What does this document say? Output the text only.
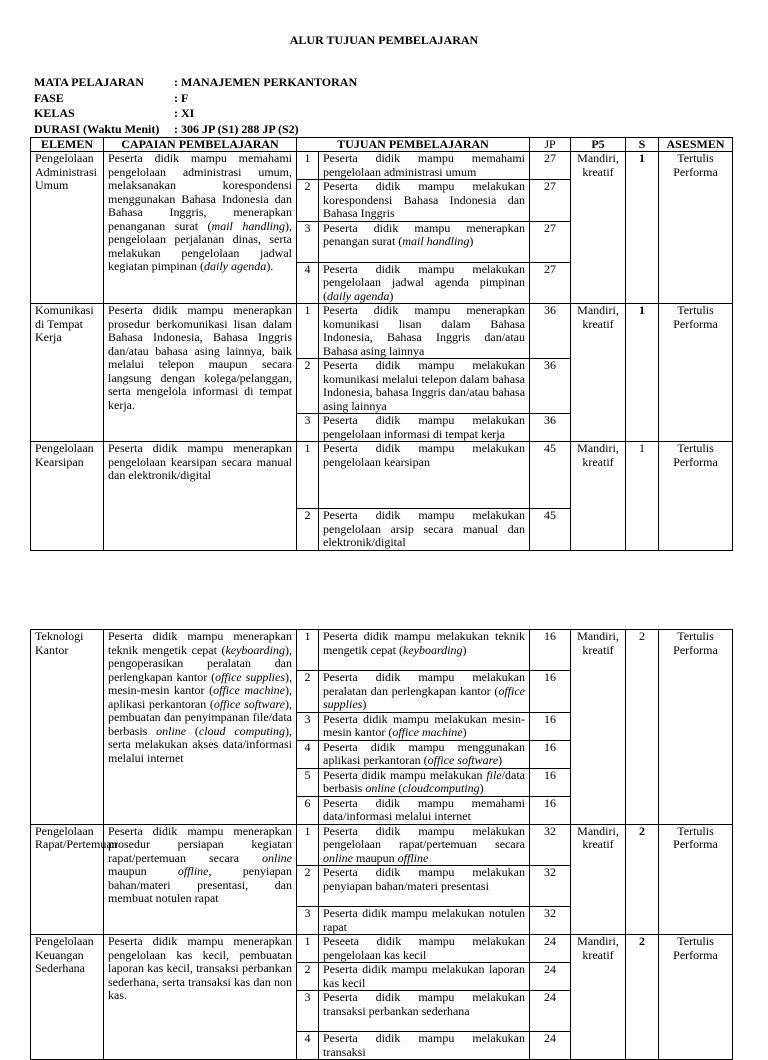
ALUR TUJUAN PEMBELAJARAN
MATA PELAJARAN	: MANAJEMEN PERKANTORAN
FASE	: F
KELAS	: XI
DURASI (Waktu Menit)	: 306 JP (S1) 288 JP (S2)
ELEMEN	CAPAIAN PEMBELAJARAN	TUJUAN PEMBELAJARAN		JP	P5	S	ASESMEN
Pengelolaan Administrasi Umum	Peserta didik mampu memahami pengelolaan administrasi umum, melaksanakan korespondensi menggunakan Bahasa Indonesia dan Bahasa Inggris, menerapkan penanganan surat (mail handling), pengelolaan perjalanan dinas, serta melakukan pengelolaan jadwal kegiatan pimpinan (daily agenda).	1	Peserta didik mampu memahami pengelolaan administrasi umum	27	Mandiri, kreatif	1	Tertulis Performa
		2	Peserta didik mampu melakukan korespondensi Bahasa Indonesia dan Bahasa Inggris	27			
		3	Peserta didik mampu menerapkan penangan surat (mail handling)	27			
		4	Peserta didik mampu melakukan pengelolaan jadwal agenda pimpinan (daily agenda)	27			
Komunikasi di Tempat Kerja	Peserta didik mampu menerapkan prosedur berkomunikasi lisan dalam Bahasa Indonesia, Bahasa Inggris dan/atau bahasa asing lainnya, baik melalui telepon maupun secara langsung dengan kolega/pelanggan, serta mengelola informasi di tempat kerja.	1	Peserta didik mampu menerapkan komunikasi lisan dalam Bahasa Indonesia, Bahasa Inggris dan/atau Bahasa asing lainnya	36	Mandiri, kreatif	1	Tertulis Performa
		2	Peserta didik mampu melakukan komunikasi melalui telepon dalam bahasa Indonesia, bahasa Inggris dan/atau bahasa asing lainnya	36			
		3	Peserta didik mampu melakukan pengelolaan informasi di tempat kerja	36			
Pengelolaan Kearsipan	Peserta didik mampu menerapkan pengelolaan kearsipan secara manual dan elektronik/digital	1	Peserta didik mampu melakukan pengelolaan kearsipan	45	Mandiri, kreatif	1	Tertulis Performa
		2	Peserta didik mampu melakukan pengelolaan arsip secara manual dan elektronik/digital	45			
Teknologi Kantor	Peserta didik mampu menerapkan teknik mengetik cepat (keyboarding), pengoperasikan peralatan dan perlengkapan kantor (office supplies), mesin-mesin kantor (office machine), aplikasi perkantoran (office software), pembuatan dan penyimpanan file/data berbasis online (cloud computing), serta melakukan akses data/informasi melalui internet	1	Peserta didik mampu melakukan teknik mengetik cepat (keyboarding)	16	Mandiri, kreatif	2	Tertulis Performa
		2	Peserta didik mampu melakukan peralatan dan perlengkapan kantor (office supplies)	16			
		3	Peserta didik mampu melakukan mesin-mesin kantor (office machine)	16			
		4	Peserta didik mampu menggunakan aplikasi perkantoran (office software)	16			
		5	Peserta didik mampu melakukan file/data berbasis online (cloudcomputing)	16			
		6	Peserta didik mampu memahami data/informasi melalui internet	16			
Pengelolaan Rapat/Pertemuan	Peserta didik mampu menerapkan prosedur persiapan kegiatan rapat/pertemuan secara online maupun offline, penyiapan bahan/materi presentasi, dan membuat notulen rapat	1	Peserta didik mampu melakukan pengelolaan rapat/pertemuan secara online maupun offline	32	Mandiri, kreatif	2	Tertulis Performa
		2	Peserta didik mampu melakukan penyiapan bahan/materi presentasi	32			
		3	Peserta didik mampu melakukan notulen rapat	32			
Pengelolaan Keuangan Sederhana	Peserta didik mampu menerapkan pengelolaan kas kecil, pembuatan laporan kas kecil, transaksi perbankan sederhana, serta transaksi kas dan non kas.	1	Peseeta didik mampu melakukan pengelolaan kas kecil	24	Mandiri, kreatif	2	Tertulis Performa
		2	Peserta didik mampu melakukan laporan kas kecil	24			
		3	Peserta didik mampu melakukan transaksi perbankan sederhana	24			
		4	Peserta didik mampu melakukan transaksi	24			
